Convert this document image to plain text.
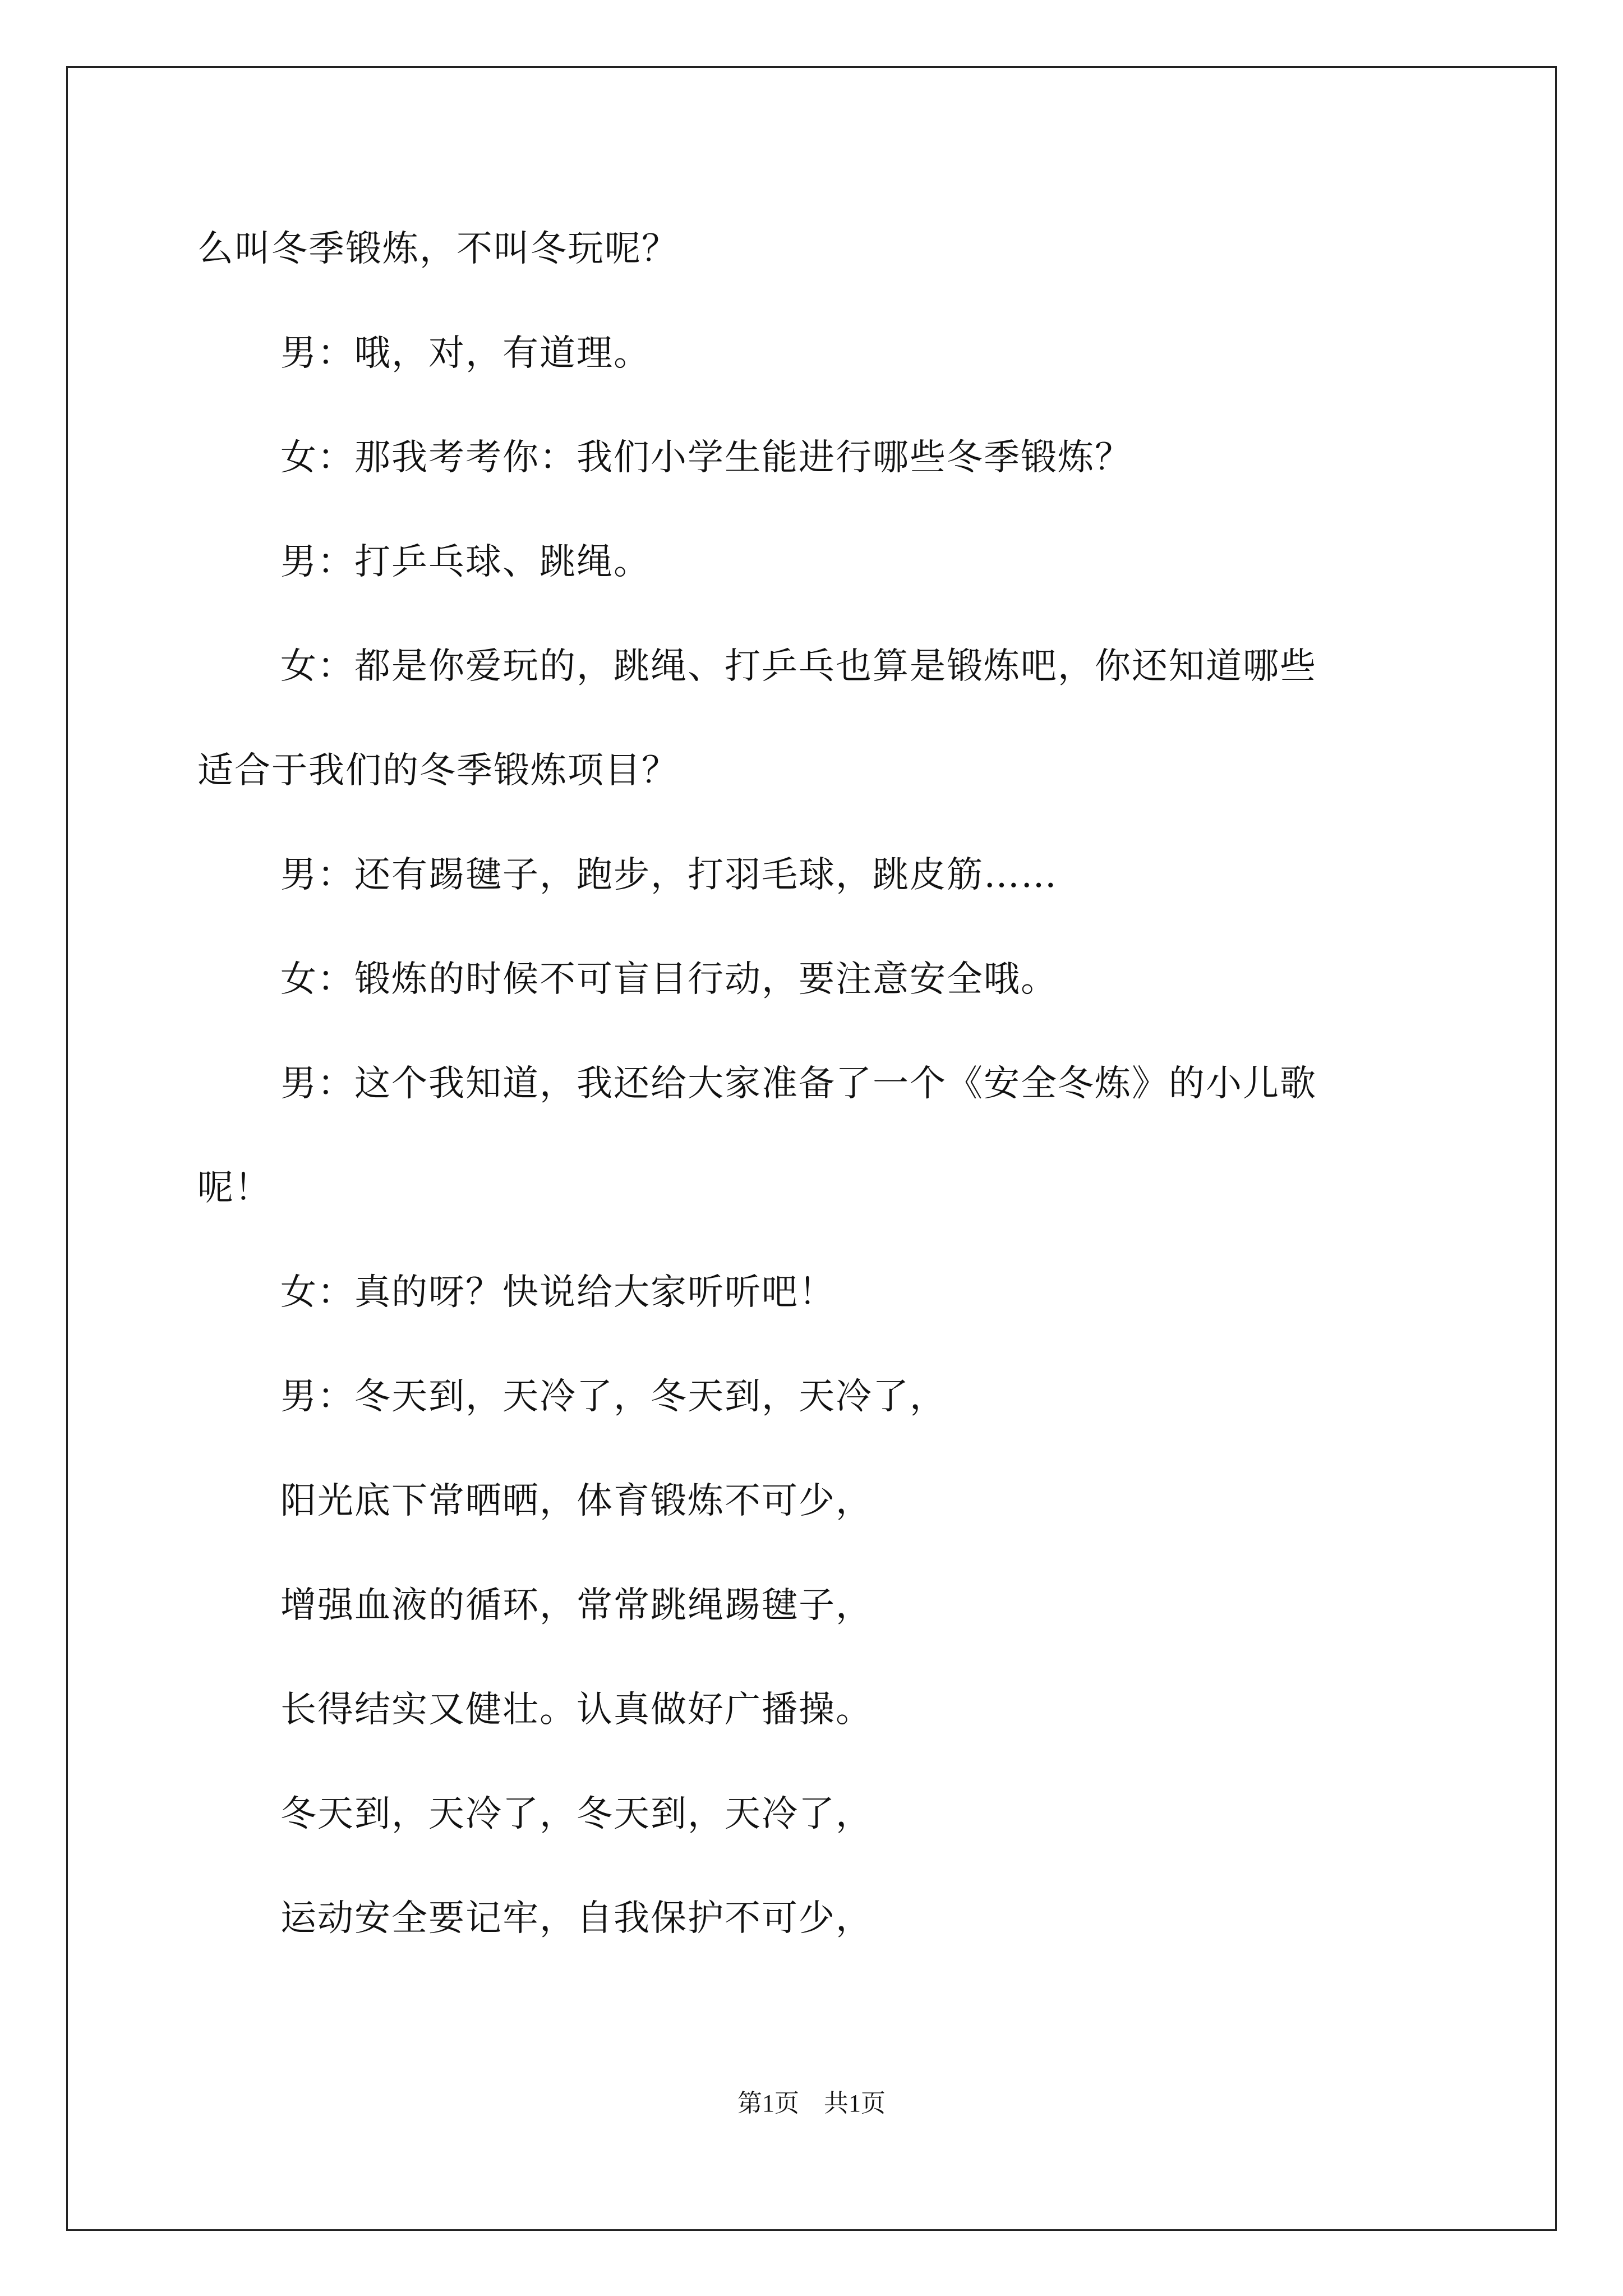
么叫冬季锻炼，不叫冬玩呢？

男：哦，对，有道理。

女：那我考考你：我们小学生能进行哪些冬季锻炼？

男：打乒乓球、跳绳。

女：都是你爱玩的，跳绳、打乒乓也算是锻炼吧，你还知道哪些

适合于我们的冬季锻炼项目？

男：还有踢毽子，跑步，打羽毛球，跳皮筋……

女：锻炼的时候不可盲目行动，要注意安全哦。

男：这个我知道，我还给大家准备了一个《安全冬炼》的小儿歌

呢！

女：真的呀？快说给大家听听吧！

男：冬天到，天冷了，冬天到，天冷了，

阳光底下常晒晒，体育锻炼不可少，

增强血液的循环，常常跳绳踢毽子，

长得结实又健壮。认真做好广播操。

冬天到，天冷了，冬天到，天冷了，

运动安全要记牢，自我保护不可少，

第1页　共1页
